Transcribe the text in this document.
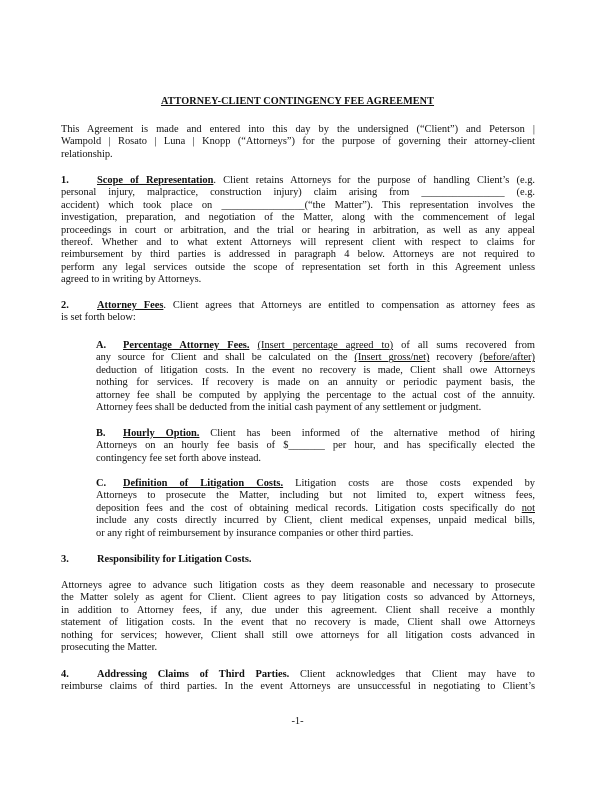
ATTORNEY-CLIENT CONTINGENCY FEE AGREEMENT
This Agreement is made and entered into this day by the undersigned (“Client”) and Peterson |
Wampold | Rosato | Luna | Knopp (“Attorneys”) for the purpose of governing their attorney-client
relationship.
1.	Scope of Representation. Client retains Attorneys for the purpose of handling Client’s (e.g.
personal injury, malpractice, construction injury) claim arising from ________________ (e.g.
accident) which took place on ________________(“the Matter”). This representation involves the
investigation, preparation, and negotiation of the Matter, along with the commencement of legal
proceedings in court or arbitration, and the trial or hearing in arbitration, as well as any appeal
thereof. Whether and to what extent Attorneys will represent client with respect to claims for
reimbursement by third parties is addressed in paragraph 4 below. Attorneys are not required to
perform any legal services outside the scope of representation set forth in this Agreement unless
agreed to in writing by Attorneys.
2.	Attorney Fees. Client agrees that Attorneys are entitled to compensation as attorney fees as
is set forth below:
A. Percentage Attorney Fees. (Insert percentage agreed to) of all sums recovered from
any source for Client and shall be calculated on the (Insert gross/net) recovery (before/after)
deduction of litigation costs. In the event no recovery is made, Client shall owe Attorneys
nothing for services. If recovery is made on an annuity or periodic payment basis, the
attorney fee shall be computed by applying the percentage to the actual cost of the annuity.
Attorney fees shall be deducted from the initial cash payment of any settlement or judgment.
B. Hourly Option. Client has been informed of the alternative method of hiring
Attorneys on an hourly fee basis of $_______ per hour, and has specifically elected the
contingency fee set forth above instead.
C. Definition of Litigation Costs. Litigation costs are those costs expended by
Attorneys to prosecute the Matter, including but not limited to, expert witness fees,
deposition fees and the cost of obtaining medical records. Litigation costs specifically do not
include any costs directly incurred by Client, client medical expenses, unpaid medical bills,
or any right of reimbursement by insurance companies or other third parties.
3.	Responsibility for Litigation Costs.
Attorneys agree to advance such litigation costs as they deem reasonable and necessary to prosecute
the Matter solely as agent for Client. Client agrees to pay litigation costs so advanced by Attorneys,
in addition to Attorney fees, if any, due under this agreement. Client shall receive a monthly
statement of litigation costs. In the event that no recovery is made, Client shall owe Attorneys
nothing for services; however, Client shall still owe attorneys for all litigation costs advanced in
prosecuting the Matter.
4.	Addressing Claims of Third Parties. Client acknowledges that Client may have to
reimburse claims of third parties. In the event Attorneys are unsuccessful in negotiating to Client’s
-1-
